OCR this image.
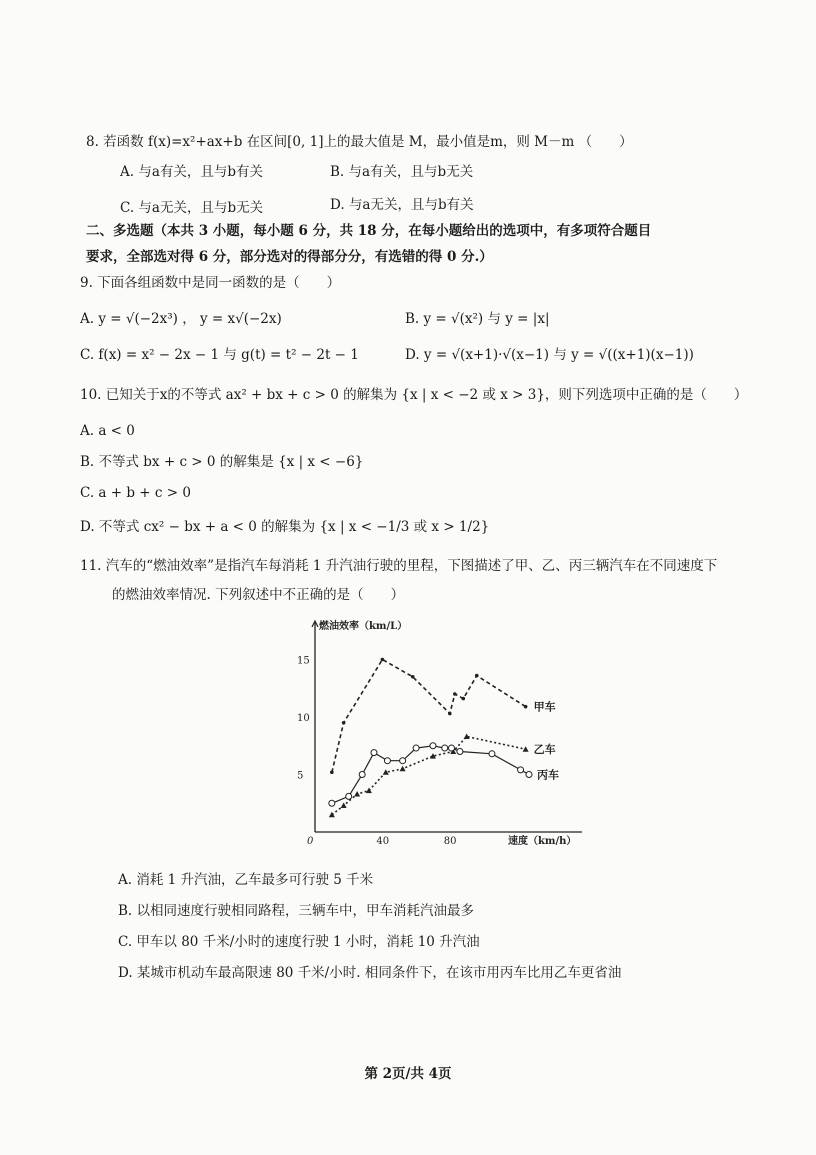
8. 若函数 f(x)=x²+ax+b 在区间[0, 1]上的最大值是 M，最小值是m，则 M－m （　　）
A. 与a有关，且与b有关	B. 与a有关，且与b无关
C. 与a无关，且与b无关	D. 与a无关，且与b有关
二、多选题（本共 3 小题，每小题 6 分，共 18 分，在每小题给出的选项中，有多项符合题目
要求，全部选对得 6 分，部分选对的得部分分，有选错的得 0 分.）
9. 下面各组函数中是同一函数的是（　　）
A. y = √(−2x³) ， y = x√(−2x)	B. y = √(x²) 与 y = |x|
C. f(x) = x² − 2x − 1 与 g(t) = t² − 2t − 1	D. y = √(x+1)·√(x−1) 与 y = √((x+1)(x−1))
10. 已知关于x的不等式 ax² + bx + c > 0 的解集为 {x | x < −2 或 x > 3}，则下列选项中正确的是（　　）
A. a < 0
B. 不等式 bx + c > 0 的解集是 {x | x < −6}
C. a + b + c > 0
D. 不等式 cx² − bx + a < 0 的解集为 {x | x < −1/3 或 x > 1/2}
11. 汽车的“燃油效率”是指汽车每消耗 1 升汽油行驶的里程，下图描述了甲、乙、丙三辆汽车在不同速度下
的燃油效率情况. 下列叙述中不正确的是（　　）
燃油效率（km/L）
速度（km/h）
0	40	80
5
10
15
甲车
乙车
丙车
A. 消耗 1 升汽油，乙车最多可行驶 5 千米
B. 以相同速度行驶相同路程，三辆车中，甲车消耗汽油最多
C. 甲车以 80 千米/小时的速度行驶 1 小时，消耗 10 升汽油
D. 某城市机动车最高限速 80 千米/小时. 相同条件下，在该市用丙车比用乙车更省油
第 2页/共 4页
